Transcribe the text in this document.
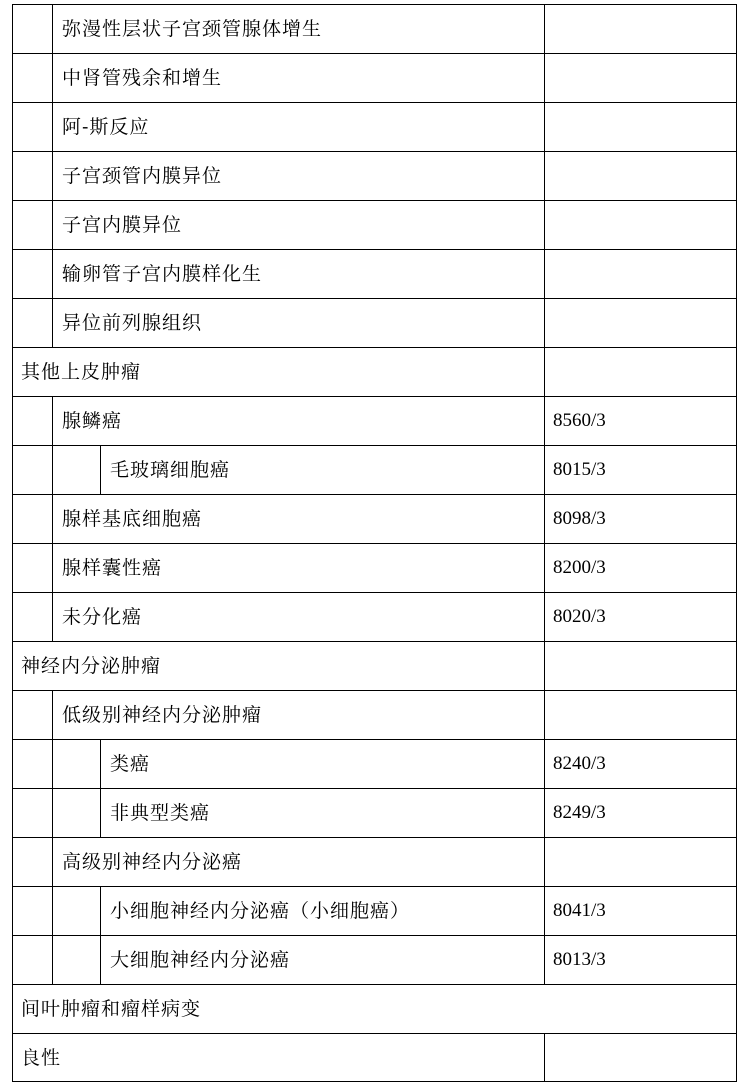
弥漫性层状子宫颈管腺体增生
中肾管残余和增生
阿-斯反应
子宫颈管内膜异位
子宫内膜异位
输卵管子宫内膜样化生
异位前列腺组织
其他上皮肿瘤
腺鳞癌	8560/3
毛玻璃细胞癌	8015/3
腺样基底细胞癌	8098/3
腺样囊性癌	8200/3
未分化癌	8020/3
神经内分泌肿瘤
低级别神经内分泌肿瘤
类癌	8240/3
非典型类癌	8249/3
高级别神经内分泌癌
小细胞神经内分泌癌（小细胞癌）	8041/3
大细胞神经内分泌癌	8013/3
间叶肿瘤和瘤样病变
良性
